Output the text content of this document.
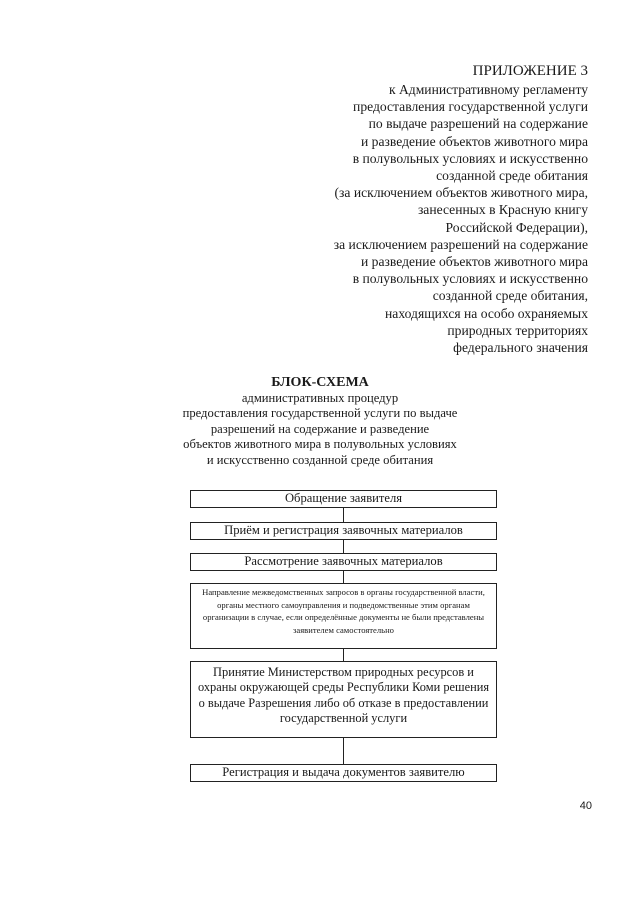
ПРИЛОЖЕНИЕ 3
к Административному регламенту
предоставления государственной услуги
по выдаче разрешений на содержание
и разведение объектов животного мира
в полувольных условиях и искусственно
созданной среде обитания
(за исключением объектов животного мира,
занесенных в Красную книгу
Российской Федерации),
за исключением разрешений на содержание
и разведение объектов животного мира
в полувольных условиях и искусственно
созданной среде обитания,
находящихся на особо охраняемых
природных территориях
федерального значения
БЛОК-СХЕМА
административных процедур
предоставления государственной услуги по выдаче
разрешений на содержание и разведение
объектов животного мира в полувольных условиях
и искусственно созданной среде обитания
Обращение заявителя
Приём и регистрация заявочных материалов
Рассмотрение заявочных материалов
Направление межведомственных запросов в органы государственной власти, органы местного самоуправления и подведомственные этим органам организации в случае, если определённые документы не были представлены заявителем самостоятельно
Принятие Министерством природных ресурсов и охраны окружающей среды Республики Коми решения о выдаче Разрешения либо об отказе в предоставлении государственной услуги
Регистрация и выдача документов заявителю
40
